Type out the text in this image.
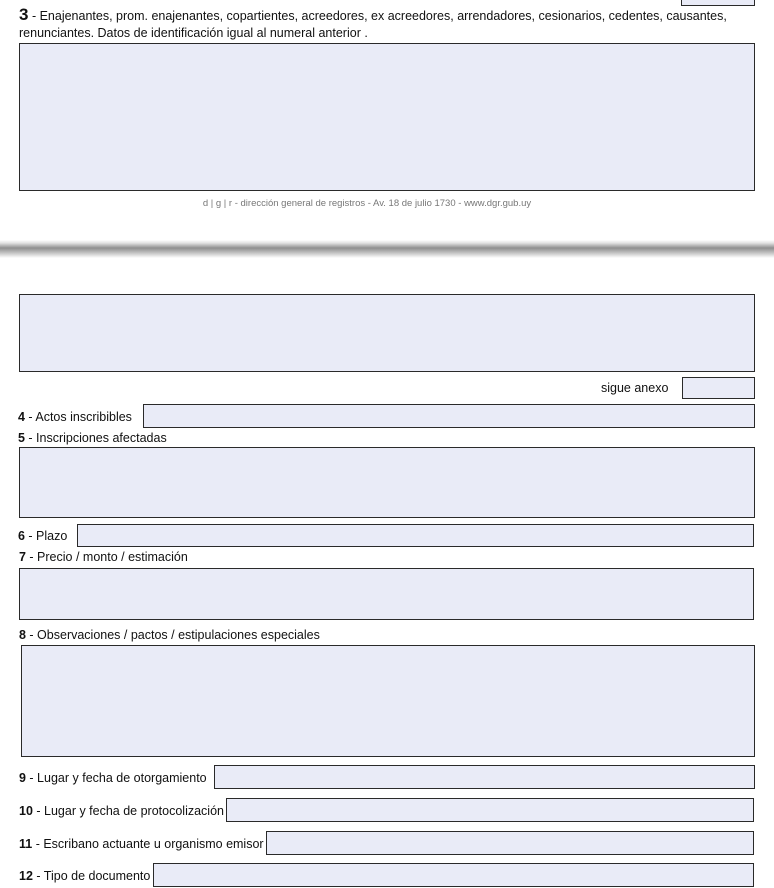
3 - Enajenantes, prom. enajenantes, copartientes, acreedores, ex acreedores, arrendadores, cesionarios, cedentes, causantes, renunciantes. Datos de identificación igual al numeral anterior .
d | g | r - dirección general de registros - Av. 18 de julio 1730 - www.dgr.gub.uy
sigue anexo
4 - Actos inscribibles
5 - Inscripciones afectadas
6 - Plazo
7 - Precio / monto / estimación
8 - Observaciones / pactos / estipulaciones especiales
9 - Lugar y fecha de otorgamiento
10 - Lugar y fecha de protocolización
11 - Escribano actuante u organismo emisor
12 - Tipo de documento
